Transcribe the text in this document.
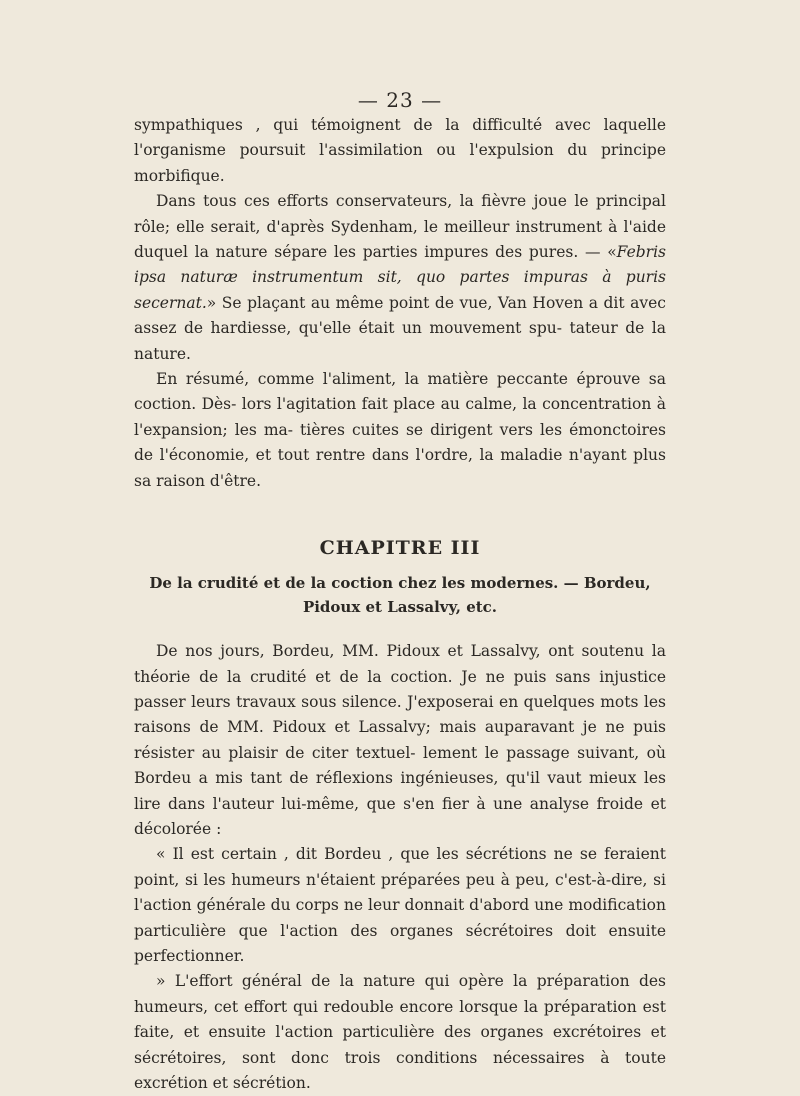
— 23 —

sympathiques , qui témoignent de la difficulté avec laquelle l'organisme poursuit l'assimilation ou l'expulsion du principe morbifique.

Dans tous ces efforts conservateurs, la fièvre joue le principal rôle; elle serait, d'après Sydenham, le meilleur instrument à l'aide duquel la nature sépare les parties impures des pures. — «Febris ipsa naturæ instrumentum sit, quo partes impuras à puris secernat.» Se plaçant au même point de vue, Van Hoven a dit avec assez de hardiesse, qu'elle était un mouvement spu- tateur de la nature.

En résumé, comme l'aliment, la matière peccante éprouve sa coction. Dès- lors l'agitation fait place au calme, la concentration à l'expansion; les ma- tières cuites se dirigent vers les émonctoires de l'économie, et tout rentre dans l'ordre, la maladie n'ayant plus sa raison d'être.

CHAPITRE III
De la crudité et de la coction chez les modernes. — Bordeu, Pidoux et Lassalvy, etc.

De nos jours, Bordeu, MM. Pidoux et Lassalvy, ont soutenu la théorie de la crudité et de la coction. Je ne puis sans injustice passer leurs travaux sous silence. J'exposerai en quelques mots les raisons de MM. Pidoux et Lassalvy; mais auparavant je ne puis résister au plaisir de citer textuel- lement le passage suivant, où Bordeu a mis tant de réflexions ingénieuses, qu'il vaut mieux les lire dans l'auteur lui-même, que s'en fier à une analyse froide et décolorée :

« Il est certain , dit Bordeu , que les sécrétions ne se feraient point, si les humeurs n'étaient préparées peu à peu, c'est-à-dire, si l'action générale du corps ne leur donnait d'abord une modification particulière que l'action des organes sécrétoires doit ensuite perfectionner.

» L'effort général de la nature qui opère la préparation des humeurs, cet effort qui redouble encore lorsque la préparation est faite, et ensuite l'action particulière des organes excrétoires et sécrétoires, sont donc trois conditions nécessaires à toute excrétion et sécrétion.
